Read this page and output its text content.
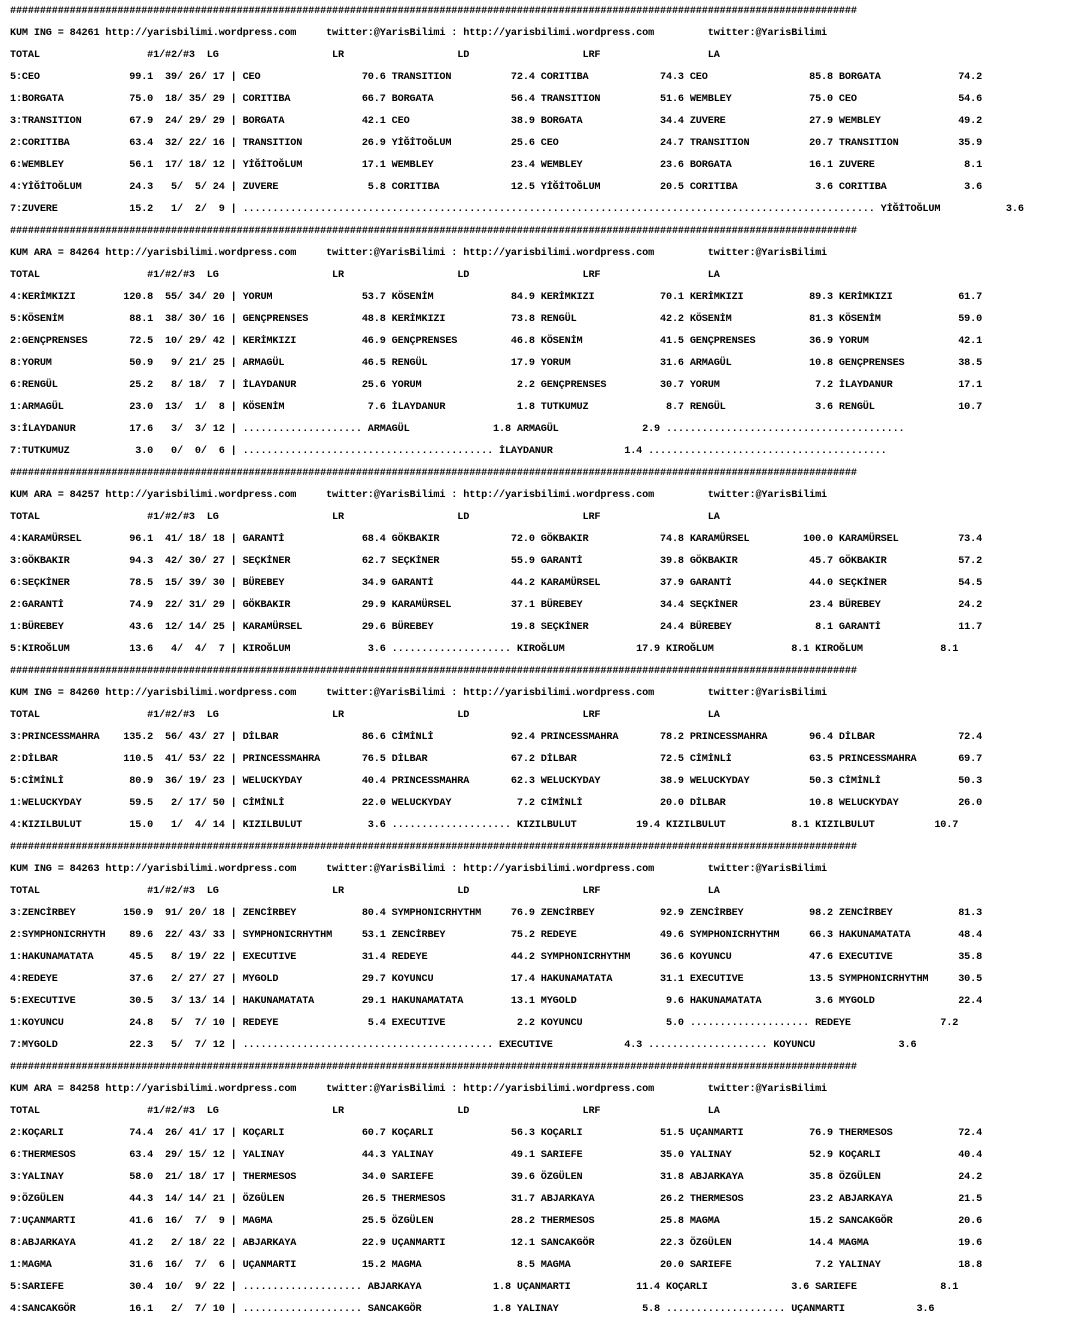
##############################################################################################################################################

KUM ING = 84261 http://yarisbilimi.wordpress.com     twitter:@YarisBilimi : http://yarisbilimi.wordpress.com         twitter:@YarisBilimi

TOTAL                  #1/#2/#3  LG                   LR                   LD                   LRF                  LA

5:CEO               99.1  39/ 26/ 17 | CEO                 70.6 TRANSITION          72.4 CORITIBA            74.3 CEO                 85.8 BORGATA             74.2

1:BORGATA           75.0  18/ 35/ 29 | CORITIBA            66.7 BORGATA             56.4 TRANSITION          51.6 WEMBLEY             75.0 CEO                 54.6

3:TRANSITION        67.9  24/ 29/ 29 | BORGATA             42.1 CEO                 38.9 BORGATA             34.4 ZUVERE              27.9 WEMBLEY             49.2

2:CORITIBA          63.4  32/ 22/ 16 | TRANSITION          26.9 YİĞİTOĞLUM          25.6 CEO                 24.7 TRANSITION          20.7 TRANSITION          35.9

6:WEMBLEY           56.1  17/ 18/ 12 | YİĞİTOĞLUM          17.1 WEMBLEY             23.4 WEMBLEY             23.6 BORGATA             16.1 ZUVERE               8.1

4:YİĞİTOĞLUM        24.3   5/  5/ 24 | ZUVERE               5.8 CORITIBA            12.5 YİĞİTOĞLUM          20.5 CORITIBA             3.6 CORITIBA             3.6

7:ZUVERE            15.2   1/  2/  9 | .......................................................................................................... YİĞİTOĞLUM           3.6

##############################################################################################################################################

KUM ARA = 84264 http://yarisbilimi.wordpress.com     twitter:@YarisBilimi : http://yarisbilimi.wordpress.com         twitter:@YarisBilimi

TOTAL                  #1/#2/#3  LG                   LR                   LD                   LRF                  LA

4:KERİMKIZI        120.8  55/ 34/ 20 | YORUM               53.7 KÖSENİM             84.9 KERİMKIZI           70.1 KERİMKIZI           89.3 KERİMKIZI           61.7

5:KÖSENİM           88.1  38/ 30/ 16 | GENÇPRENSES         48.8 KERİMKIZI           73.8 RENGÜL              42.2 KÖSENİM             81.3 KÖSENİM             59.0

2:GENÇPRENSES       72.5  10/ 29/ 42 | KERİMKIZI           46.9 GENÇPRENSES         46.8 KÖSENİM             41.5 GENÇPRENSES         36.9 YORUM               42.1

8:YORUM             50.9   9/ 21/ 25 | ARMAGÜL             46.5 RENGÜL              17.9 YORUM               31.6 ARMAGÜL             10.8 GENÇPRENSES         38.5

6:RENGÜL            25.2   8/ 18/  7 | İLAYDANUR           25.6 YORUM                2.2 GENÇPRENSES         30.7 YORUM                7.2 İLAYDANUR           17.1

1:ARMAGÜL           23.0  13/  1/  8 | KÖSENİM              7.6 İLAYDANUR            1.8 TUTKUMUZ             8.7 RENGÜL               3.6 RENGÜL              10.7

3:İLAYDANUR         17.6   3/  3/ 12 | .................... ARMAGÜL              1.8 ARMAGÜL              2.9 ........................................

7:TUTKUMUZ           3.0   0/  0/  6 | .......................................... İLAYDANUR            1.4 ........................................

##############################################################################################################################################

KUM ARA = 84257 http://yarisbilimi.wordpress.com     twitter:@YarisBilimi : http://yarisbilimi.wordpress.com         twitter:@YarisBilimi

TOTAL                  #1/#2/#3  LG                   LR                   LD                   LRF                  LA

4:KARAMÜRSEL        96.1  41/ 18/ 18 | GARANTİ             68.4 GÖKBAKIR            72.0 GÖKBAKIR            74.8 KARAMÜRSEL         100.0 KARAMÜRSEL          73.4

3:GÖKBAKIR          94.3  42/ 30/ 27 | SEÇKİNER            62.7 SEÇKİNER            55.9 GARANTİ             39.8 GÖKBAKIR            45.7 GÖKBAKIR            57.2

6:SEÇKİNER          78.5  15/ 39/ 30 | BÜREBEY             34.9 GARANTİ             44.2 KARAMÜRSEL          37.9 GARANTİ             44.0 SEÇKİNER            54.5

2:GARANTİ           74.9  22/ 31/ 29 | GÖKBAKIR            29.9 KARAMÜRSEL          37.1 BÜREBEY             34.4 SEÇKİNER            23.4 BÜREBEY             24.2

1:BÜREBEY           43.6  12/ 14/ 25 | KARAMÜRSEL          29.6 BÜREBEY             19.8 SEÇKİNER            24.4 BÜREBEY              8.1 GARANTİ             11.7

5:KIROĞLUM          13.6   4/  4/  7 | KIROĞLUM             3.6 .................... KIROĞLUM            17.9 KIROĞLUM             8.1 KIROĞLUM             8.1

##############################################################################################################################################

KUM ING = 84260 http://yarisbilimi.wordpress.com     twitter:@YarisBilimi : http://yarisbilimi.wordpress.com         twitter:@YarisBilimi

TOTAL                  #1/#2/#3  LG                   LR                   LD                   LRF                  LA

3:PRINCESSMAHRA    135.2  56/ 43/ 27 | DİLBAR              86.6 CİMİNLİ             92.4 PRINCESSMAHRA       78.2 PRINCESSMAHRA       96.4 DİLBAR              72.4

2:DİLBAR           110.5  41/ 53/ 22 | PRINCESSMAHRA       76.5 DİLBAR              67.2 DİLBAR              72.5 CİMİNLİ             63.5 PRINCESSMAHRA       69.7

5:CİMİNLİ           80.9  36/ 19/ 23 | WELUCKYDAY          40.4 PRINCESSMAHRA       62.3 WELUCKYDAY          38.9 WELUCKYDAY          50.3 CİMİNLİ             50.3

1:WELUCKYDAY        59.5   2/ 17/ 50 | CİMİNLİ             22.0 WELUCKYDAY           7.2 CİMİNLİ             20.0 DİLBAR              10.8 WELUCKYDAY          26.0

4:KIZILBULUT        15.0   1/  4/ 14 | KIZILBULUT           3.6 .................... KIZILBULUT          19.4 KIZILBULUT           8.1 KIZILBULUT          10.7

##############################################################################################################################################

KUM ING = 84263 http://yarisbilimi.wordpress.com     twitter:@YarisBilimi : http://yarisbilimi.wordpress.com         twitter:@YarisBilimi

TOTAL                  #1/#2/#3  LG                   LR                   LD                   LRF                  LA

3:ZENCİRBEY        150.9  91/ 20/ 18 | ZENCİRBEY           80.4 SYMPHONICRHYTHM     76.9 ZENCİRBEY           92.9 ZENCİRBEY           98.2 ZENCİRBEY           81.3

2:SYMPHONICRHYTH    89.6  22/ 43/ 33 | SYMPHONICRHYTHM     53.1 ZENCİRBEY           75.2 REDEYE              49.6 SYMPHONICRHYTHM     66.3 HAKUNAMATATA        48.4

1:HAKUNAMATATA      45.5   8/ 19/ 22 | EXECUTIVE           31.4 REDEYE              44.2 SYMPHONICRHYTHM     36.6 KOYUNCU             47.6 EXECUTIVE           35.8

4:REDEYE            37.6   2/ 27/ 27 | MYGOLD              29.7 KOYUNCU             17.4 HAKUNAMATATA        31.1 EXECUTIVE           13.5 SYMPHONICRHYTHM     30.5

5:EXECUTIVE         30.5   3/ 13/ 14 | HAKUNAMATATA        29.1 HAKUNAMATATA        13.1 MYGOLD               9.6 HAKUNAMATATA         3.6 MYGOLD              22.4

1:KOYUNCU           24.8   5/  7/ 10 | REDEYE               5.4 EXECUTIVE            2.2 KOYUNCU              5.0 .................... REDEYE               7.2

7:MYGOLD            22.3   5/  7/ 12 | .......................................... EXECUTIVE            4.3 .................... KOYUNCU              3.6

##############################################################################################################################################

KUM ARA = 84258 http://yarisbilimi.wordpress.com     twitter:@YarisBilimi : http://yarisbilimi.wordpress.com         twitter:@YarisBilimi

TOTAL                  #1/#2/#3  LG                   LR                   LD                   LRF                  LA

2:KOÇARLI           74.4  26/ 41/ 17 | KOÇARLI             60.7 KOÇARLI             56.3 KOÇARLI             51.5 UÇANMARTI           76.9 THERMESOS           72.4

6:THERMESOS         63.4  29/ 15/ 12 | YALINAY             44.3 YALINAY             49.1 SARIEFE             35.0 YALINAY             52.9 KOÇARLI             40.4

3:YALINAY           58.0  21/ 18/ 17 | THERMESOS           34.0 SARIEFE             39.6 ÖZGÜLEN             31.8 ABJARKAYA           35.8 ÖZGÜLEN             24.2

9:ÖZGÜLEN           44.3  14/ 14/ 21 | ÖZGÜLEN             26.5 THERMESOS           31.7 ABJARKAYA           26.2 THERMESOS           23.2 ABJARKAYA           21.5

7:UÇANMARTI         41.6  16/  7/  9 | MAGMA               25.5 ÖZGÜLEN             28.2 THERMESOS           25.8 MAGMA               15.2 SANCAKGÖR           20.6

8:ABJARKAYA         41.2   2/ 18/ 22 | ABJARKAYA           22.9 UÇANMARTI           12.1 SANCAKGÖR           22.3 ÖZGÜLEN             14.4 MAGMA               19.6

1:MAGMA             31.6  16/  7/  6 | UÇANMARTI           15.2 MAGMA                8.5 MAGMA               20.0 SARIEFE              7.2 YALINAY             18.8

5:SARIEFE           30.4  10/  9/ 22 | .................... ABJARKAYA            1.8 UÇANMARTI           11.4 KOÇARLI              3.6 SARIEFE              8.1

4:SANCAKGÖR         16.1   2/  7/ 10 | .................... SANCAKGÖR            1.8 YALINAY              5.8 .................... UÇANMARTI            3.6
